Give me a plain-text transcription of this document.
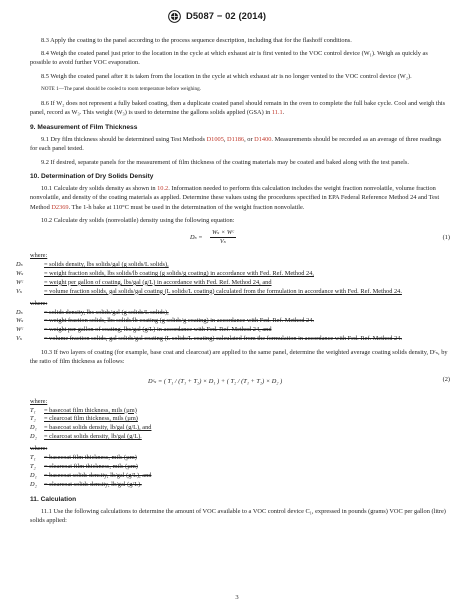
D5087 − 02 (2014)

8.3 Apply the coating to the panel according to the process sequence description, including that for the flashoff conditions.

8.4 Weigh the coated panel just prior to the location in the cycle at which exhaust air is first vented to the VOC control device (W₁). Weigh as quickly as possible to avoid further VOC evaporation.

8.5 Weigh the coated panel after it is taken from the location in the cycle at which exhaust air is no longer vented to the VOC control device (W₂).

NOTE 1—The panel should be cooled to room temperature before weighing.

8.6 If W₂ does not represent a fully baked coating, then a duplicate coated panel should remain in the oven to complete the full bake cycle. Cool and weigh this panel, record as W₃. This weight (W₃) is used to determine the gallons solids applied (GSA) in 11.1.

9. Measurement of Film Thickness

9.1 Dry film thickness should be determined using Test Methods D1005, D1186, or D1400. Measurements should be recorded as an average of three readings for each panel tested.

9.2 If desired, separate panels for the measurement of film thickness of the coating materials may be coated and baked along with the test panels.

10. Determination of Dry Solids Density

10.1 Calculate dry solids density as shown in 10.2. Information needed to perform this calculation includes the weight fraction nonvolatile, volume fraction nonvolatile, and density of the coating materials as applied. Determine these values using the procedures specified in EPA Federal Reference Method 24 and Test Method D2369. The 1-h bake at 110°C must be used in the determination of the weight fraction nonvolatile.

10.2 Calculate dry solids (nonvolatile) density using the following equation:

$D_s = \frac{\text{Wₛ × Wᶜ}}{\text{Vₛ}}$	(1)

where:

Dₛ	= solids density, lbs solids/gal (g solids/L solids),

Wₛ	= weight fraction solids, lbs solids/lb coating (g solids/g coating) in accordance with Fed. Ref. Method 24,

Wᶜ	= weight per gallon of coating, lbs/gal (g/L) in accordance with Fed. Ref. Method 24, and

Vₛ	= volume fraction solids, gal solids/gal coating (L solids/L coating) calculated from the formulation in accordance with Fed. Ref. Method 24.

where:

Dₛ	= solids density, lbs solids/gal (g solids/L solids),

Wₛ	= weight fraction solids, lbs solids/lb coating (g solids/g coating) in accordance with Fed. Ref. Method 24.

Wᶜ	= weight per gallon of coating, lbs/gal (g/L) in accordance with Fed. Ref. Method 24, and

Vₛ	= volume fraction solids, gal solids/gal coating (L solids/L coating) calculated from the formulation in accordance with Fed. Ref. Method 24.

10.3 If two layers of coating (for example, base coat and clearcoat) are applied to the same panel, determine the weighted average coating solids density, Dᶜₛ, by the ratio of film thickness as follows:

Dᶜₛ = ( T₁ / (T₁ + T₂) × D₁ ) + ( T₂ / (T₁ + T₂) × D₂ )	(2)

where:

T₁ = basecoat film thickness, mils (µm)

T₂ = clearcoat film thickness, mils (µm)

D₁ = basecoat solids density, lb/gal (g/L), and

D₂ = clearcoat solids density, lb/gal (g/L).

where:

T₁ = basecoat film thickness, mils (µm)

T₂ = clearcoat film thickness, mils (µm)

D₁ = basecoat solids density, lb/gal (g/L), and

D₂ = clearcoat solids density, lb/gal (g/L).

11. Calculation

11.1 Use the following calculations to determine the amount of VOC available to a VOC control device C₁, expressed in pounds (grams) VOC per gallon (litre) solids applied:

3
